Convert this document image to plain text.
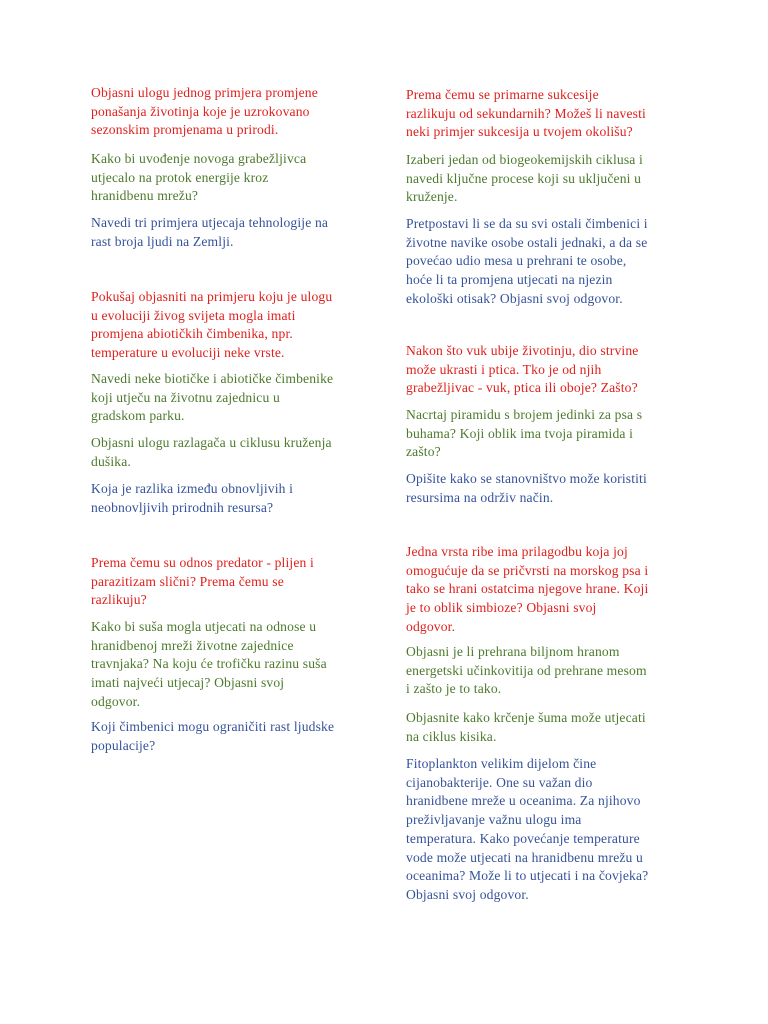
Objasni ulogu jednog primjera promjene
ponašanja životinja koje je uzrokovano
sezonskim promjenama u prirodi.

Kako bi uvođenje novoga grabežljivca
utjecalo na protok energije kroz
hranidbenu mrežu?

Navedi tri primjera utjecaja tehnologije na
rast broja ljudi na Zemlji.

Pokušaj objasniti na primjeru koju je ulogu
u evoluciji živog svijeta mogla imati
promjena abiotičkih čimbenika, npr.
temperature u evoluciji neke vrste.

Navedi neke biotičke i abiotičke čimbenike
koji utječu na životnu zajednicu u
gradskom parku.

Objasni ulogu razlagača u ciklusu kruženja
dušika.

Koja je razlika između obnovljivih i
neobnovljivih prirodnih resursa?

Prema čemu su odnos predator - plijen i
parazitizam slični? Prema čemu se
razlikuju?

Kako bi suša mogla utjecati na odnose u
hranidbenoj mreži životne zajednice
travnjaka? Na koju će trofičku razinu suša
imati najveći utjecaj? Objasni svoj
odgovor.

Koji čimbenici mogu ograničiti rast ljudske
populacije?

Prema čemu se primarne sukcesije
razlikuju od sekundarnih? Možeš li navesti
neki primjer sukcesija u tvojem okolišu?

Izaberi jedan od biogeokemijskih ciklusa i
navedi ključne procese koji su uključeni u
kruženje.

Pretpostavi li se da su svi ostali čimbenici i
životne navike osobe ostali jednaki, a da se
povećao udio mesa u prehrani te osobe,
hoće li ta promjena utjecati na njezin
ekološki otisak? Objasni svoj odgovor.

Nakon što vuk ubije životinju, dio strvine
može ukrasti i ptica. Tko je od njih
grabežljivac - vuk, ptica ili oboje? Zašto?

Nacrtaj piramidu s brojem jedinki za psa s
buhama? Koji oblik ima tvoja piramida i
zašto?

Opišite kako se stanovništvo može koristiti
resursima na održiv način.

Jedna vrsta ribe ima prilagodbu koja joj
omogućuje da se pričvrsti na morskog psa i
tako se hrani ostatcima njegove hrane. Koji
je to oblik simbioze? Objasni svoj
odgovor.

Objasni je li prehrana biljnom hranom
energetski učinkovitija od prehrane mesom
i zašto je to tako.

Objasnite kako krčenje šuma može utjecati
na ciklus kisika.

Fitoplankton velikim dijelom čine
cijanobakterije. One su važan dio
hranidbene mreže u oceanima. Za njihovo
preživljavanje važnu ulogu ima
temperatura. Kako povećanje temperature
vode može utjecati na hranidbenu mrežu u
oceanima? Može li to utjecati i na čovjeka?
Objasni svoj odgovor.
